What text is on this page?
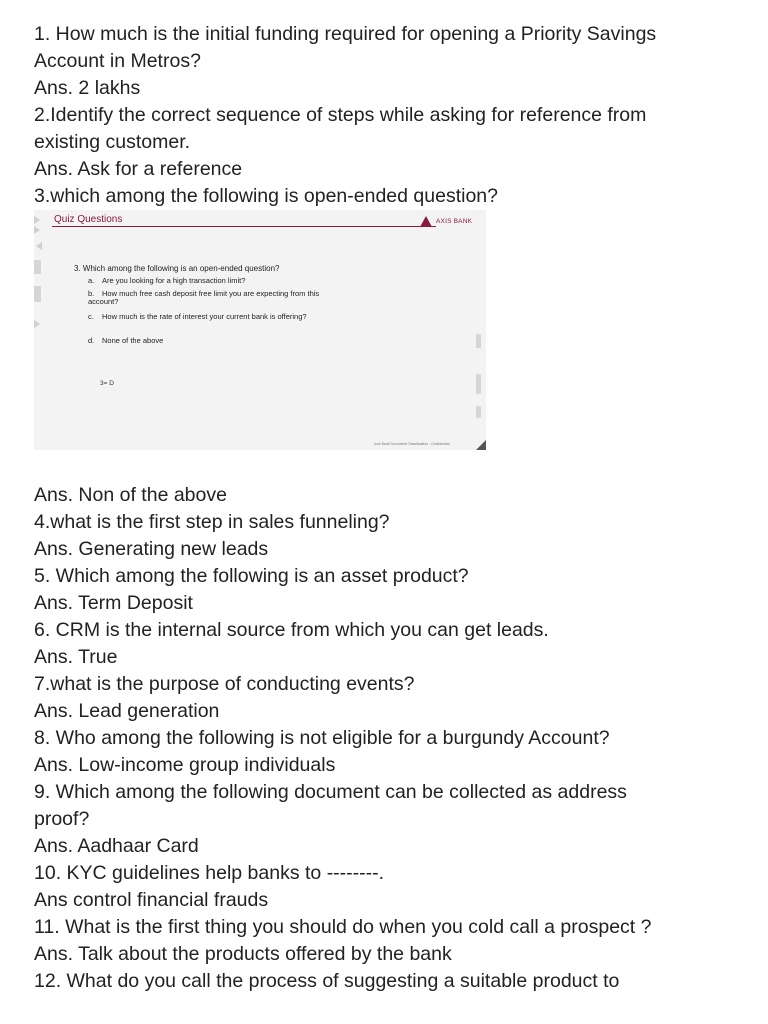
1. How much is the initial funding required for opening a Priority Savings
Account in Metros?
Ans. 2 lakhs
2.Identify the correct sequence of steps while asking for reference from
existing customer.
Ans. Ask for a reference
3.which among the following is open-ended question?
Quiz Questions	AXIS BANK
3. Which among the following is an open-ended question?
a. Are you looking for a high transaction limit?
b. How much free cash deposit free limit you are expecting from this account?
c. How much is the rate of interest your current bank is offering?
d. None of the above
3= D
Axis Bank Document Classification : Confidential
Ans. Non of the above
4.what is the first step in sales funneling?
Ans. Generating new leads
5. Which among the following is an asset product?
Ans. Term Deposit
6. CRM is the internal source from which you can get leads.
Ans. True
7.what is the purpose of conducting events?
Ans. Lead generation
8. Who among the following is not eligible for a burgundy Account?
Ans. Low-income group individuals
9. Which among the following document can be collected as address
proof?
Ans. Aadhaar Card
10. KYC guidelines help banks to --------.
Ans control financial frauds
11. What is the first thing you should do when you cold call a prospect ?
Ans. Talk about the products offered by the bank
12. What do you call the process of suggesting a suitable product to
